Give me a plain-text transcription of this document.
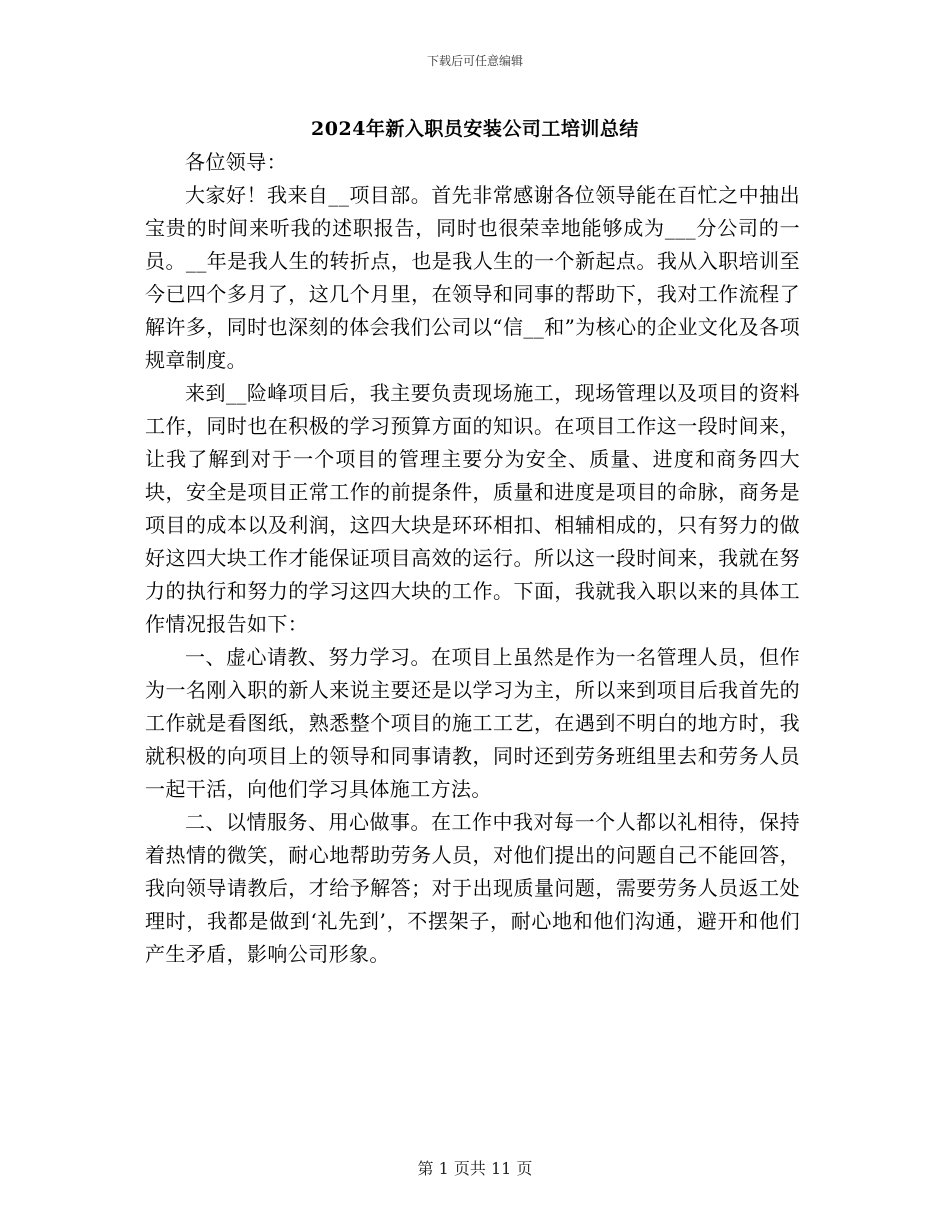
下载后可任意编辑
2024年新入职员安装公司工培训总结

各位领导：

大家好！我来自__项目部。首先非常感谢各位领导能在百忙之中抽出宝贵的时间来听我的述职报告，同时也很荣幸地能够成为___分公司的一员。__年是我人生的转折点，也是我人生的一个新起点。我从入职培训至今已四个多月了，这几个月里，在领导和同事的帮助下，我对工作流程了解许多，同时也深刻的体会我们公司以“信__和”为核心的企业文化及各项规章制度。

来到__险峰项目后，我主要负责现场施工，现场管理以及项目的资料工作，同时也在积极的学习预算方面的知识。在项目工作这一段时间来，让我了解到对于一个项目的管理主要分为安全、质量、进度和商务四大块，安全是项目正常工作的前提条件，质量和进度是项目的命脉，商务是项目的成本以及利润，这四大块是环环相扣、相辅相成的，只有努力的做好这四大块工作才能保证项目高效的运行。所以这一段时间来，我就在努力的执行和努力的学习这四大块的工作。下面，我就我入职以来的具体工作情况报告如下：

一、虚心请教、努力学习。在项目上虽然是作为一名管理人员，但作为一名刚入职的新人来说主要还是以学习为主，所以来到项目后我首先的工作就是看图纸，熟悉整个项目的施工工艺，在遇到不明白的地方时，我就积极的向项目上的领导和同事请教，同时还到劳务班组里去和劳务人员一起干活，向他们学习具体施工方法。

二、以情服务、用心做事。在工作中我对每一个人都以礼相待，保持着热情的微笑，耐心地帮助劳务人员，对他们提出的问题自己不能回答，我向领导请教后，才给予解答；对于出现质量问题，需要劳务人员返工处理时，我都是做到‘礼先到’，不摆架子，耐心地和他们沟通，避开和他们产生矛盾，影响公司形象。

第 1 页共 11 页
